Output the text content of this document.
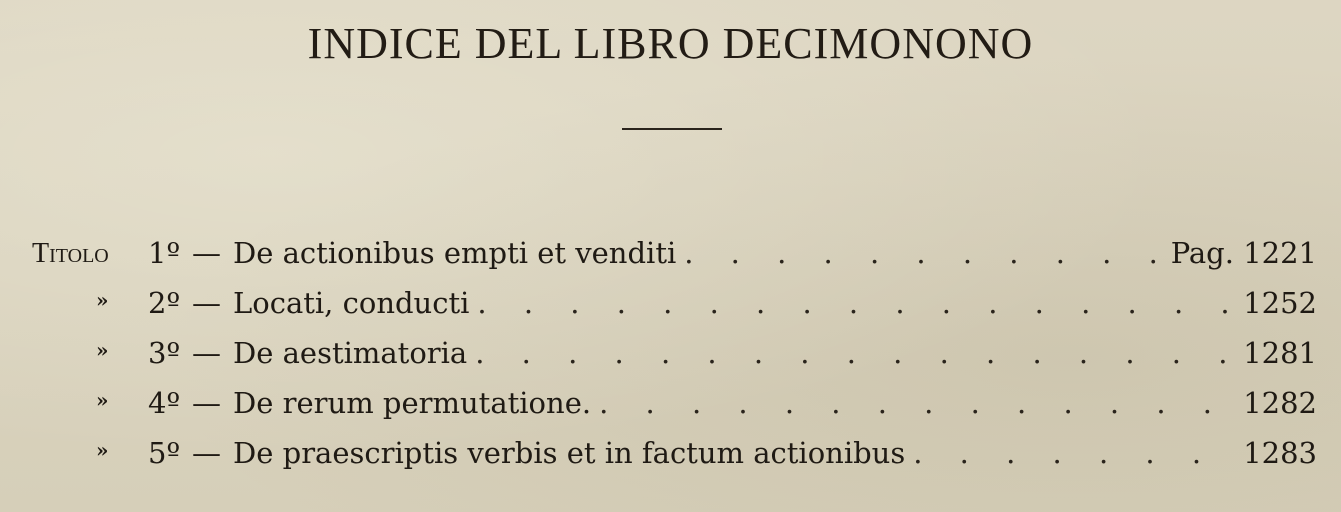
INDICE DEL LIBRO DECIMONONO
Titolo 1º — De actionibus empti et venditi . . .	Pag. 1221
» 2º — Locati, conducti . . .	1252
» 3º — De aestimatoria . . .	1281
» 4º — De rerum permutatione. . . .	1282
» 5º — De praescriptis verbis et in factum actionibus . . .	1283
